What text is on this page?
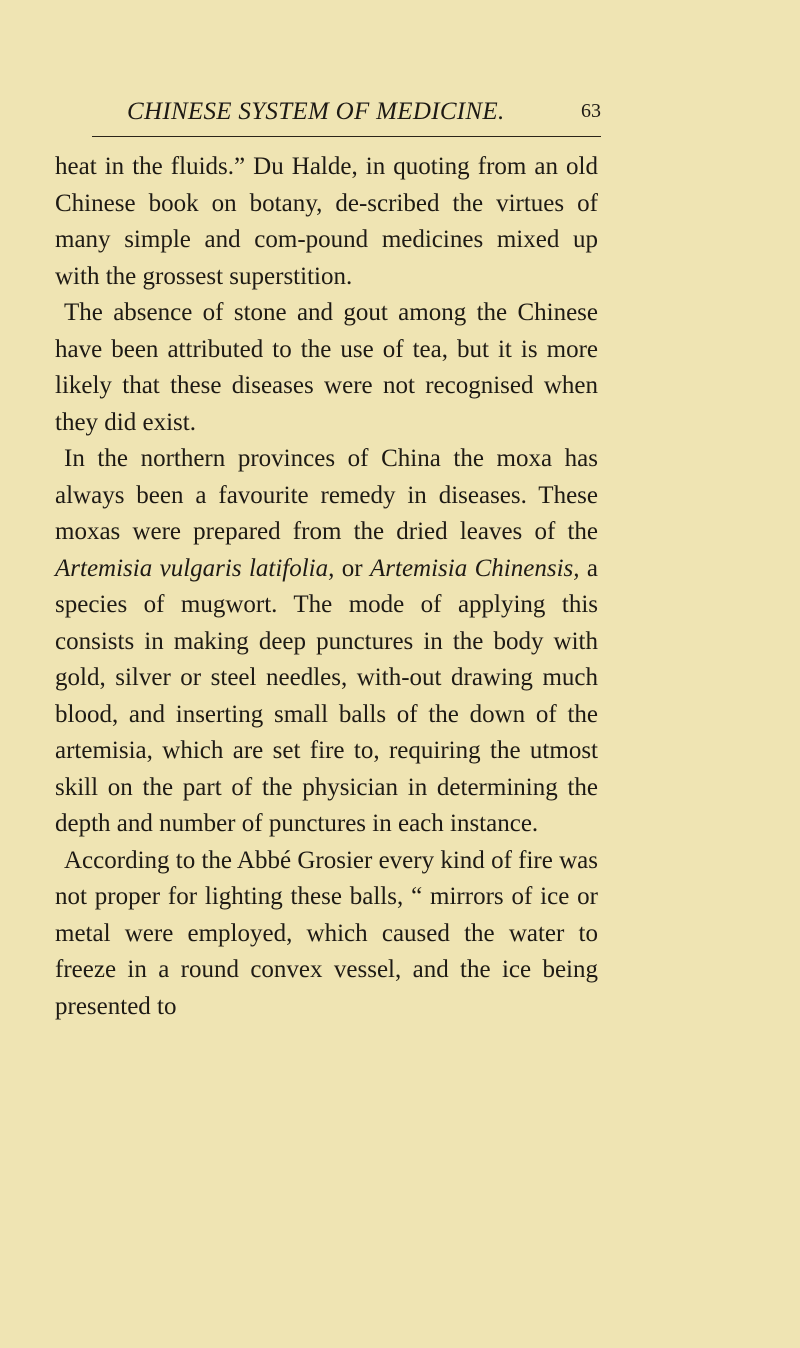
CHINESE SYSTEM OF MEDICINE.	63

heat in the fluids.” Du Halde, in quoting from an old Chinese book on botany, de-scribed the virtues of many simple and com-pound medicines mixed up with the grossest superstition.

The absence of stone and gout among the Chinese have been attributed to the use of tea, but it is more likely that these diseases were not recognised when they did exist.

In the northern provinces of China the moxa has always been a favourite remedy in diseases. These moxas were prepared from the dried leaves of the Artemisia vulgaris latifolia, or Artemisia Chinensis, a species of mugwort. The mode of applying this consists in making deep punctures in the body with gold, silver or steel needles, with-out drawing much blood, and inserting small balls of the down of the artemisia, which are set fire to, requiring the utmost skill on the part of the physician in determining the depth and number of punctures in each instance.

According to the Abbé Grosier every kind of fire was not proper for lighting these balls, “ mirrors of ice or metal were employed, which caused the water to freeze in a round convex vessel, and the ice being presented to
